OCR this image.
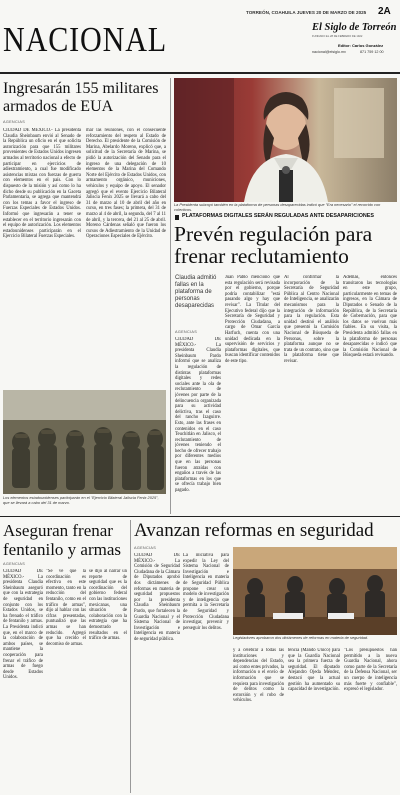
NACIONAL
TORREÓN, COAHUILA JUEVES 20 DE MARZO DE 2025 2A
El Siglo de Torreón
FUNDADO EL 28 DE FEBRERO DE 1922
Editor: Carlos González
nacional@elsiglo.mx	871 759 12 00
Ingresarán 155 militares armados de EUA
AGENCIAS

CIUDAD DE MÉXICO.- La presidenta Claudia Sheinbaum envió al Senado de la República un oficio en el que solicita autorización para que 155 militares provenientes de Estados Unidos ingresen armados al territorio nacional a efecto de participar en ejercicios de adiestramiento, a cual fue modificado asistencias mixtas con fuerzas de guerra con elementos en el país. Con lo dispuesto de la misión y así como lo ha dicho desde su publicación en la Gaceta Parlamentaria, se agrega que mantendrá con los temas a favor el ingreso de Fuerzas Especiales de Estados Unidos. Informó que ingresarán a tener se establecer en el territorio ingresarán con el equipo de autorización. Los elementos estadounidenses participarán en el Ejercicio Bilateral Fuerzas Especiales.

mar las reuniones, con el consecuente reforzamiento del respeto al Estado de Derecho. El presidente de la Comisión de Marina, Abelardo Moreno, explicó que, a solicitud de la Secretaría de Marina, se pidió la autorización del Senado para el ingreso de una delegación de 10 elementos de la Marina del Comando Norte del Ejército de Estados Unidos, con armamento orgánico, municiones, vehículos y equipo de apoyo. El senador agregó que el evento Ejercicio Bilateral Jaliscia Fenix 2025 se llevará a cabo del 31 de marzo al 10 de abril del año en curso, en tres fases; la primera, del 31 de marzo al 4 de abril, la segunda, del 7 al 11 de abril, y la tercera, del 21 al 25 de abril. Moreno Cárdenas señaló que fueron los cursos de Adiestramiento de la Unidad de Operaciones Especiales de Ejército.

Los elementos estadounidenses participarán en el "Ejercicio Bilateral Jaliscia Fenix 2025", que se llevará a cabo del 31 de marzo.
La Presidenta subrayó también en la plataforma de personas desaparecidas indicó que "Era necesario" el recorrido con colectivos.
PLATAFORMAS DIGITALES SERÁN REGULADAS ANTE DESAPARICIONES
Prevén regulación para frenar reclutamiento
Claudia admitió fallas en la plataforma de personas desaparecidas
AGENCIAS

CIUDAD DE MÉXICO.- La presidenta Claudia Sheinbaum Pardo informó que se analiza la regulación de distintas plataformas digitales y redes sociales ante la ola de reclutamiento de jóvenes por parte de la delincuencia organizada para su actividad delictiva, tras el caso del rancho Izaguirre. Esto, ante las frases en contenidos en el caso Teuchitlán en Jalisco, el reclutamiento de jóvenes teniendo el hecho de ofrecer trabajo por diferentes medios que en las personas fueron atraídas con engaños a través de las plataformas en los que se ofrecía trabajo bien pagado.

Juan Pablo mencionó que esta regulación será revisada por el gobierno, porque podría contabilizar "está pasando algo y hay que revisar". La Titular del Ejecutivo federal dijo que la Secretaría de Seguridad y Protección Ciudadana, a cargo de Omar García Harfuch, cuenta con una unidad dedicada en la supervisión de servicios y plataformas digitales, que buscan identificar contenidos de este tipo.

Al confirmar la incorporación de la Secretaría de Seguridad Pública al Centro Nacional de Inteligencia, se analizarán mecanismos para la integración de información para la regulación. Esta unidad destinó el análisis que presentó la Comisión Nacional de Búsqueda de Personas, sobre la plataforma aunque no se trata de un contrato, sino que la plataforma tiene que revisar.

Además, entonces transitaron las tecnologías en este grupo, particularmente en temas de ingresos, en la Cámara de Diputados o Senado de la República, de la Secretaría de Gobernación, para que los datos se vuelvan más fiables. En su visita, la Presidenta admitió fallas en la plataforma de personas desaparecidas e indicó que la Comisión Nacional de Búsqueda estará revisando.

Aseguran frenar fentanilo y armas
AGENCIAS

CIUDAD DE MÉXICO.- La presidenta Claudia Sheinbaum aseguró que con la estrategia de seguridad en conjunto con los Estados Unidos, se ha frenado el tráfico de fentanilo y armas. La Presidenta indicó que, en el marco de la colaboración de ambos países, se mantiene la cooperación para frenar el tráfico de armas de fuego desde Estados Unidos.

"Se ve que la coordinación es efectiva en este momento, tanto en la reducción del fentanilo, como en el tráfico de armas", dijo al hablar con las cifras presentadas, puntualizó que las armas se han reducido. Agregó que ha crecido el decomiso de armas.

se dijo al narrar un reporte de seguridad que es la coordinación del gobierno federal con las instituciones mexicanas, una situación de colaboración con la estrategia que ha demostrado resultados en el tráfico de armas.

Avanzan reformas en seguridad
AGENCIAS

CIUDAD DE MÉXICO.- La Comisión de Seguridad Ciudadana de la Cámara de Diputados aprobó dos dictámenes de reformas en materia de seguridad propuestos por la presidenta Claudia Sheinbaum Pardo, que fortalecen la Guardia Nacional y el Sistema Nacional de Investigación e Inteligencia en materia de seguridad pública.

La iniciativa para expedir la Ley del Sistema Nacional de Investigación e Inteligencia en materia de Seguridad Pública propone crear un modelo de investigación y de inteligencia que permita a la Secretaría de Seguridad y Protección Ciudadana investigar, prevenir y perseguir los delitos.

Legisladores aprobaron dos dictámenes de reformas en materia de seguridad.

y a celebrar a todas las instituciones y dependencias del Estado, así como entes privados, la información o el envío de información que se requiera para investigación de delitos como la extorsión y el robo de vehículos.

tencia (Mando Único) para que la Guardia Nacional sea la primera fuerza de seguridad. El diputado Alejandro Ojeda Méndez, destacó que la actual gestión ha aumentado su capacidad de investigación.

"Los presupuestos han permitido a la nueva Guardia Nacional, ahora como parte de la Secretaría de la Defensa Nacional, ser un cuerpo de inteligencia más fuerte y confiable", expresó el legislador.
